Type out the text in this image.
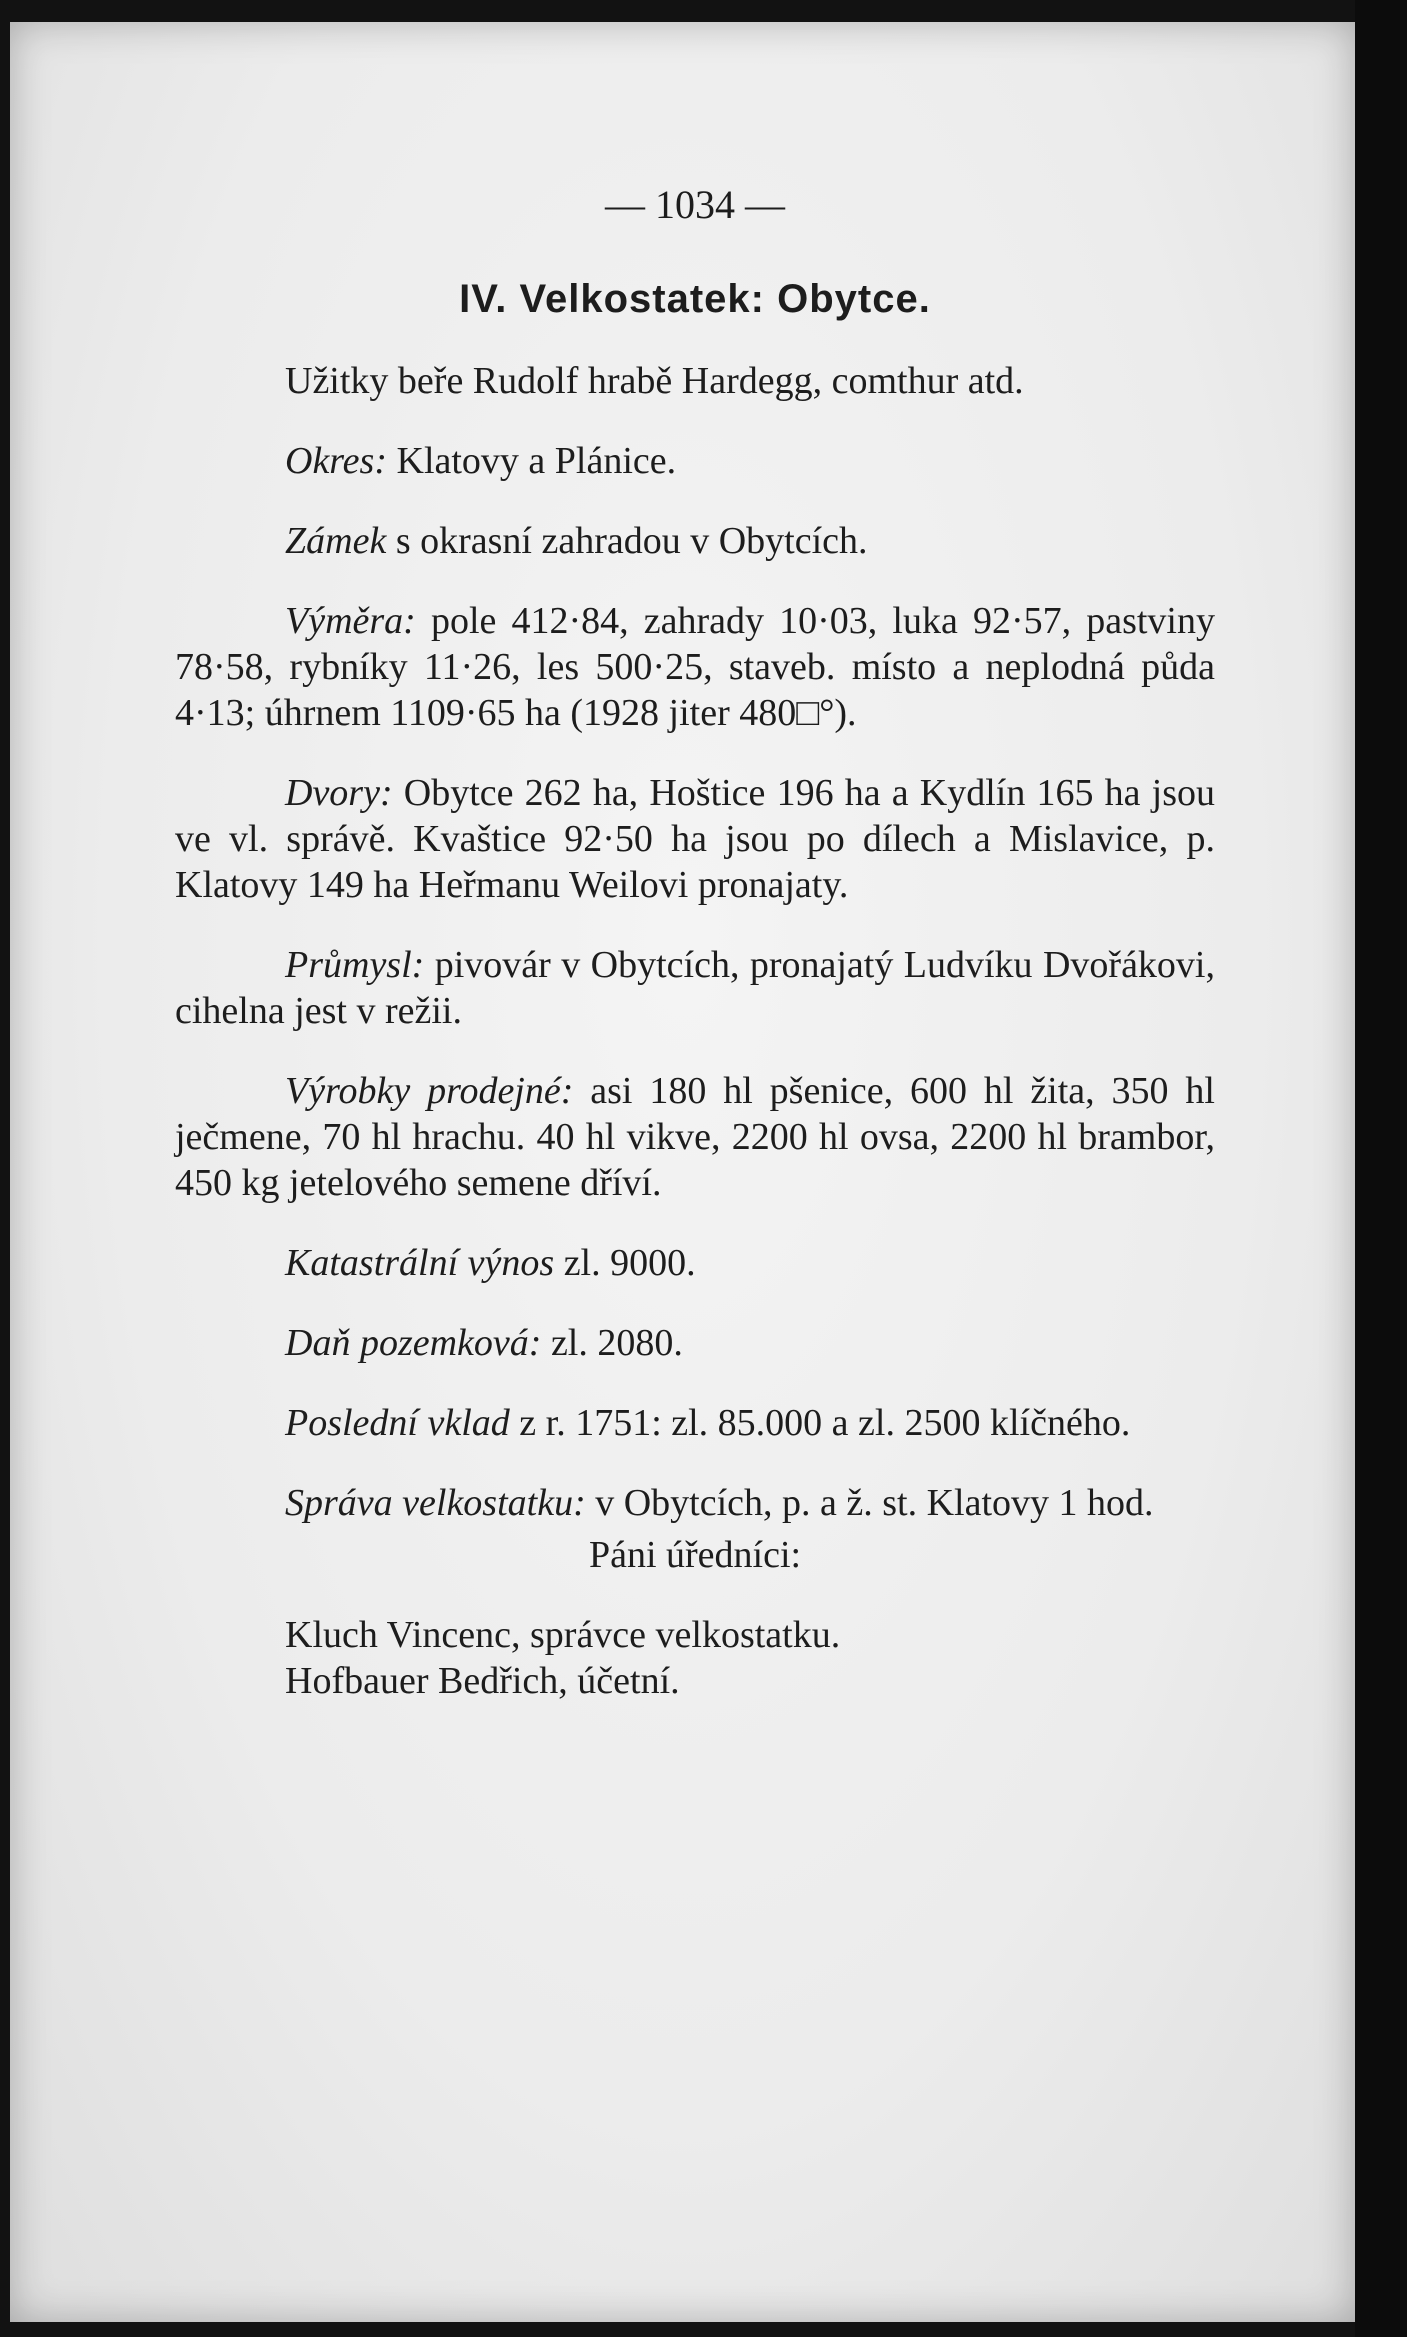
— 1034 —
IV. Velkostatek: Obytce.

Užitky beře Rudolf hrabě Hardegg, comthur atd.

Okres: Klatovy a Plánice.

Zámek s okrasní zahradou v Obytcích.

Výměra: pole 412·84, zahrady 10·03, luka 92·57, pastviny 78·58, rybníky 11·26, les 500·25, staveb. místo a neplodná půda 4·13; úhrnem 1109·65 ha (1928 jiter 480□°).

Dvory: Obytce 262 ha, Hoštice 196 ha a Kydlín 165 ha jsou ve vl. správě. Kvaštice 92·50 ha jsou po dílech a Mislavice, p. Klatovy 149 ha Heřmanu Weilovi pronajaty.

Průmysl: pivovár v Obytcích, pronajatý Ludvíku Dvořákovi, cihelna jest v režii.

Výrobky prodejné: asi 180 hl pšenice, 600 hl žita, 350 hl ječmene, 70 hl hrachu. 40 hl vikve, 2200 hl ovsa, 2200 hl brambor, 450 kg jetelového semene dříví.

Katastrální výnos zl. 9000.

Daň pozemková: zl. 2080.

Poslední vklad z r. 1751: zl. 85.000 a zl. 2500 klíčného.

Správa velkostatku: v Obytcích, p. a ž. st. Klatovy 1 hod.

Páni úředníci:
Kluch Vincenc, správce velkostatku.
Hofbauer Bedřich, účetní.
